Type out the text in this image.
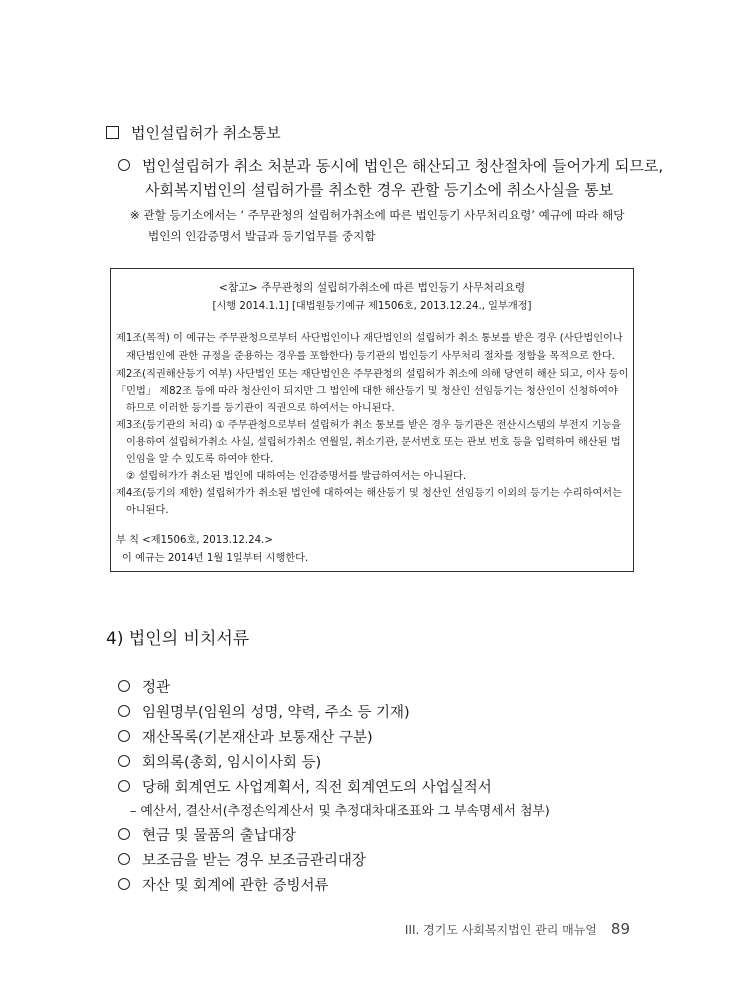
법인설립허가 취소통보
법인설립허가 취소 처분과 동시에 법인은 해산되고 청산절차에 들어가게 되므로,
사회복지법인의 설립허가를 취소한 경우 관할 등기소에 취소사실을 통보
※ 관할 등기소에서는 ‘ 주무관청의 설립허가취소에 따른 법인등기 사무처리요령’ 예규에 따라 해당
법인의 인감증명서 발급과 등기업무를 중지함
<참고> 주무관청의 설립허가취소에 따른 법인등기 사무처리요령
[시행 2014.1.1] [대법원등기예규 제1506호, 2013.12.24., 일부개정]
제1조(목적) 이 예규는 주무관청으로부터 사단법인이나 재단법인의 설립허가 취소 통보를 받은 경우 (사단법인이나
재단법인에 관한 규정을 준용하는 경우를 포함한다) 등기관의 법인등기 사무처리 절차를 정함을 목적으로 한다.
제2조(직권해산등기 여부) 사단법인 또는 재단법인은 주무관청의 설립허가 취소에 의해 당연히 해산 되고, 이사 등이
「민법」 제82조 등에 따라 청산인이 되지만 그 법인에 대한 해산등기 및 청산인 선임등기는 청산인이 신청하여야
하므로 이러한 등기를 등기관이 직권으로 하여서는 아니된다.
제3조(등기관의 처리) ① 주무관청으로부터 설립허가 취소 통보를 받은 경우 등기관은 전산시스템의 부전지 기능을
이용하여 설립허가취소 사실, 설립허가취소 연월일, 취소기관, 문서번호 또는 관보 번호 등을 입력하여 해산된 법
인임을 알 수 있도록 하여야 한다.
② 설립허가가 취소된 법인에 대하여는 인감증명서를 발급하여서는 아니된다.
제4조(등기의 제한) 설립허가가 취소된 법인에 대하여는 해산등기 및 청산인 선임등기 이외의 등기는 수리하여서는
아니된다.
부 칙 <제1506호, 2013.12.24.>
이 예규는 2014년 1월 1일부터 시행한다.
4) 법인의 비치서류
정관
임원명부(임원의 성명, 약력, 주소 등 기재)
재산목록(기본재산과 보통재산 구분)
회의록(총회, 임시이사회 등)
당해 회계연도 사업계획서, 직전 회계연도의 사업실적서
– 예산서, 결산서(추정손익계산서 및 추정대차대조표와 그 부속명세서 첨부)
현금 및 물품의 출납대장
보조금을 받는 경우 보조금관리대장
자산 및 회계에 관한 증빙서류
III. 경기도 사회복지법인 관리 매뉴얼 89
